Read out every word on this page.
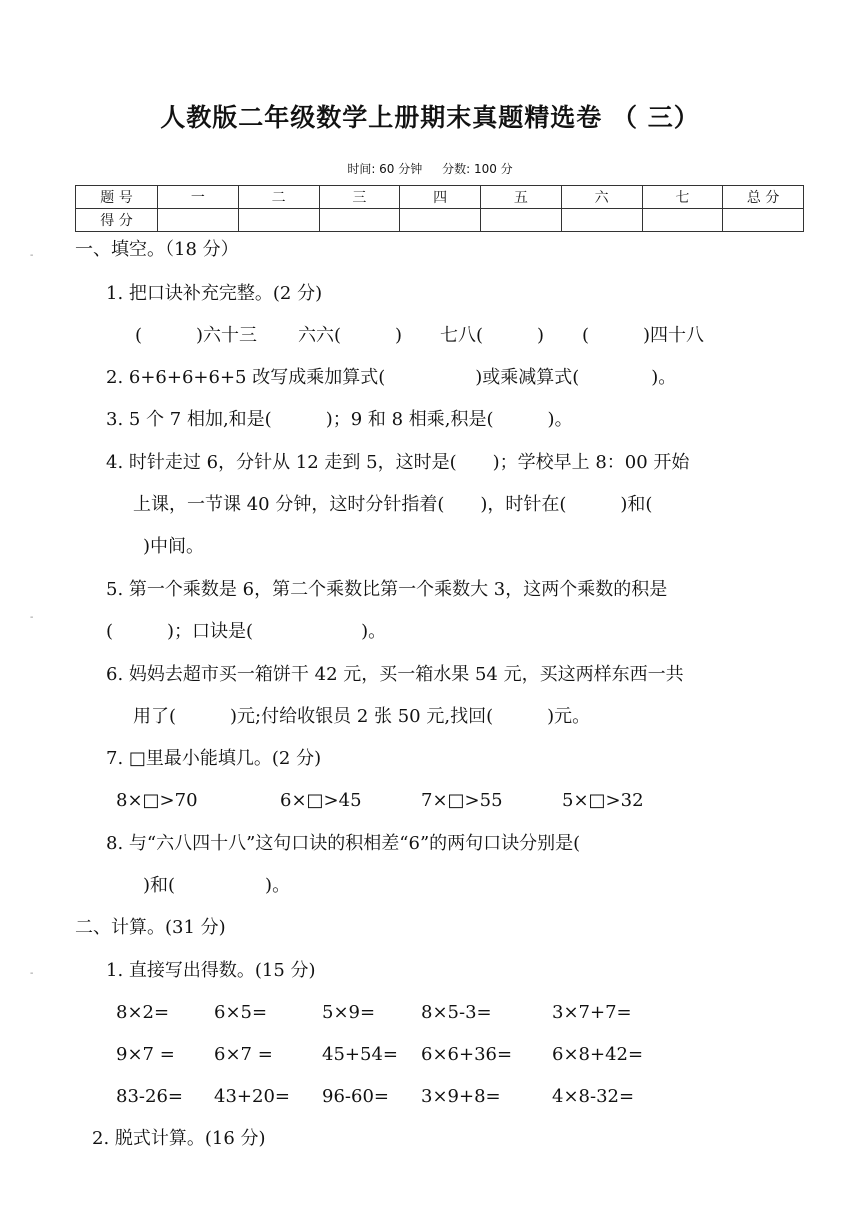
人教版二年级数学上册期末真题精选卷 （ 三）
时间: 60 分钟 分数: 100 分
题 号	一	二	三	四	五	六	七	总 分
得 分								
-
-
-
一、填空。（18 分）
1. 把口诀补充完整。(2 分)
(　　　)六十三 六六(　　　) 七八(　　　) (　　　)四十八
2. 6+6+6+6+5 改写成乘加算式(　　　　　)或乘减算式(　　　　)。
3. 5 个 7 相加,和是(　　　)；9 和 8 相乘,积是(　　　)。
4. 时针走过 6，分针从 12 走到 5，这时是(　　)；学校早上 8：00 开始
上课，一节课 40 分钟，这时分针指着(　　)，时针在(　　　)和(
)中间。
5. 第一个乘数是 6，第二个乘数比第一个乘数大 3，这两个乘数的积是
(　　　)；口诀是(　　　　　　)。
6. 妈妈去超市买一箱饼干 42 元，买一箱水果 54 元，买这两样东西一共
用了(　　　)元;付给收银员 2 张 50 元,找回(　　　)元。
7. □里最小能填几。(2 分)
8×□>70	6×□>45	7×□>55	5×□>32
8. 与“六八四十八”这句口诀的积相差“6”的两句口诀分别是(
)和(　　　　　)。
二、计算。(31 分)
1. 直接写出得数。(15 分)
8×2= 6×5=	5×9=	8×5-3=	3×7+7=
9×7 = 6×7 =	45+54= 6×6+36= 6×8+42=
83-26= 43+20= 96-60= 3×9+8=	4×8-32=
2. 脱式计算。(16 分)
